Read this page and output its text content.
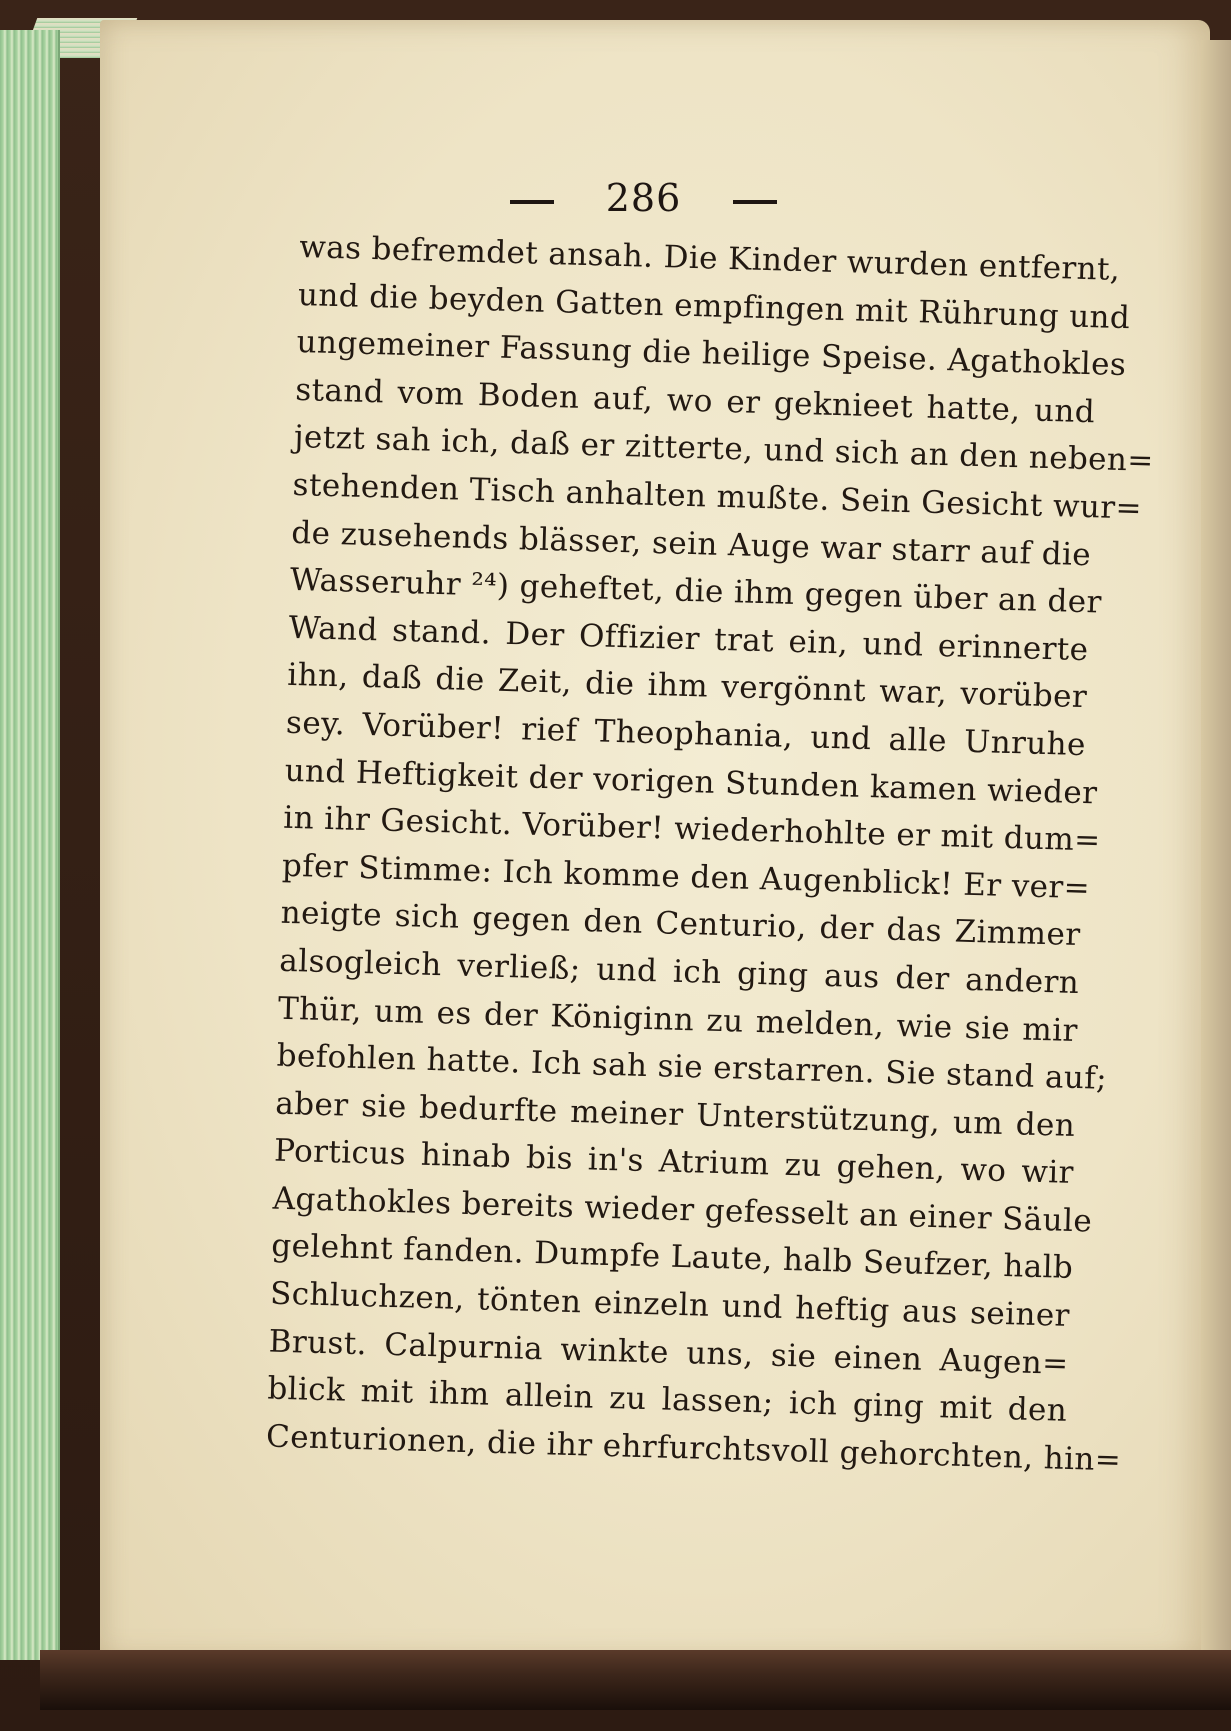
286
was befremdet ansah. Die Kinder wurden entfernt,
und die beyden Gatten empfingen mit Rührung und
ungemeiner Fassung die heilige Speise. Agathokles
stand vom Boden auf, wo er gekniеet hatte, und
jetzt sah ich, daß er zitterte, und sich an den neben=
stehenden Tisch anhalten mußte. Sein Gesicht wur=
de zusehends blässer, sein Auge war starr auf die
Wasseruhr ²⁴) geheftet, die ihm gegen über an der
Wand stand. Der Offizier trat ein, und erinnerte
ihn, daß die Zeit, die ihm vergönnt war, vorüber
sey. Vorüber! rief Theophania, und alle Unruhe
und Heftigkeit der vorigen Stunden kamen wieder
in ihr Gesicht. Vorüber! wiederhohlte er mit dum=
pfer Stimme: Ich komme den Augenblick! Er ver=
neigte sich gegen den Centurio, der das Zimmer
alsogleich verließ; und ich ging aus der andern
Thür, um es der Königinn zu melden, wie sie mir
befohlen hatte. Ich sah sie erstarren. Sie stand auf;
aber sie bedurfte meiner Unterstützung, um den
Porticus hinab bis in's Atrium zu gehen, wo wir
Agathokles bereits wieder gefesselt an einer Säule
gelehnt fanden. Dumpfe Laute, halb Seufzer, halb
Schluchzen, tönten einzeln und heftig aus seiner
Brust. Calpurnia winkte uns, sie einen Augen=
blick mit ihm allein zu lassen; ich ging mit den
Centurionen, die ihr ehrfurchtsvoll gehorchten, hin=
